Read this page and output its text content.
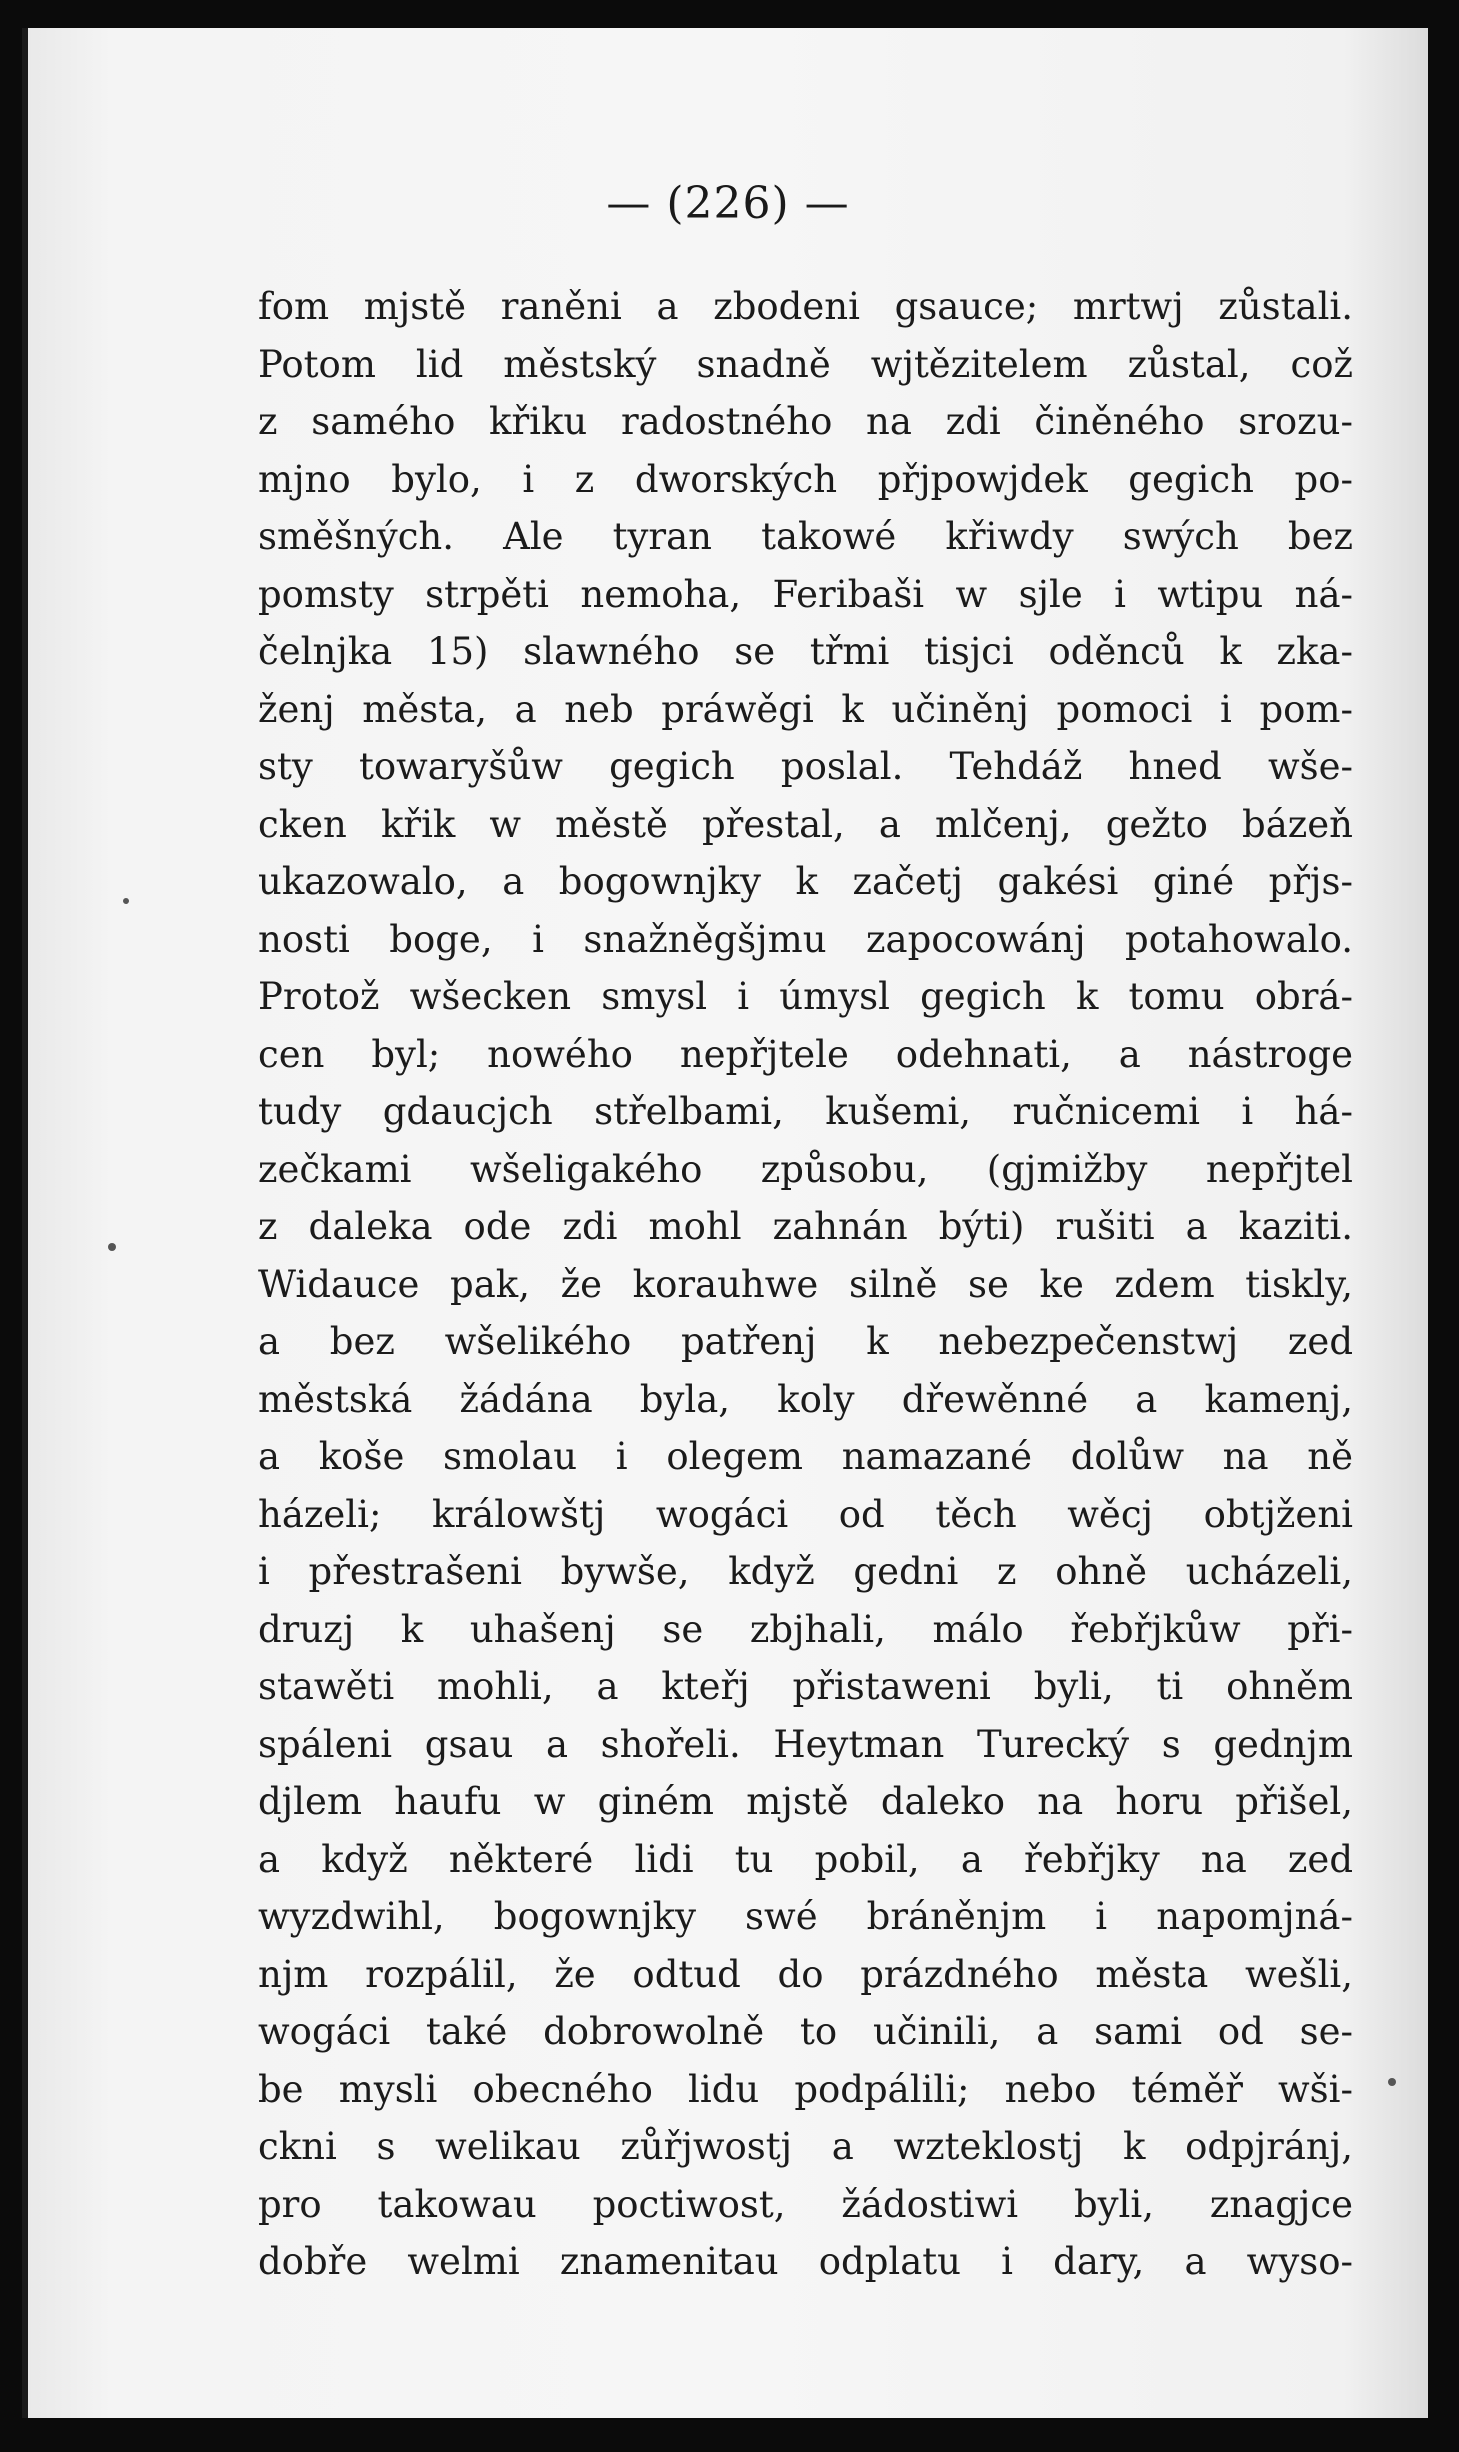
— (226) —
fom mjstě raněni a zbodeni gsauce; mrtwj zůstali.
Potom lid městský snadně wjtězitelem zůstal, což
z samého křiku radostného na zdi činěného srozu-
mjno bylo, i z dworských přjpowjdek gegich po-
směšných. Ale tyran takowé křiwdy swých bez
pomsty strpěti nemoha, Feribaši w sjle i wtipu ná-
čelnjka 15) slawného se třmi tisjci oděnců k zka-
ženj města, a neb práwěgi k učiněnj pomoci i pom-
sty towaryšůw gegich poslal. Tehdáž hned wše-
cken křik w městě přestal, a mlčenj, gežto bázeň
ukazowalo, a bogownjky k začetj gakési giné přjs-
nosti boge, i snažněgšjmu zapocowánj potahowalo.
Protož wšecken smysl i úmysl gegich k tomu obrá-
cen byl; nowého nepřjtele odehnati, a nástroge
tudy gdaucjch střelbami, kušemi, ručnicemi i há-
zečkami wšeligakého způsobu, (gjmižby nepřjtel
z daleka ode zdi mohl zahnán býti) rušiti a kaziti.
Widauce pak, že korauhwe silně se ke zdem tiskly,
a bez wšelikého patřenj k nebezpečenstwj zed
městská žádána byla, koly dřewěnné a kamenj,
a koše smolau i olegem namazané dolůw na ně
házeli; králowštj wogáci od těch wěcj obtjženi
i přestrašeni bywše, když gedni z ohně ucházeli,
druzj k uhašenj se zbjhali, málo řebřjkůw při-
stawěti mohli, a kteřj přistaweni byli, ti ohněm
spáleni gsau a shořeli. Heytman Turecký s gednjm
djlem haufu w giném mjstě daleko na horu přišel,
a když některé lidi tu pobil, a řebřjky na zed
wyzdwihl, bogownjky swé bráněnjm i napomjná-
njm rozpálil, že odtud do prázdného města wešli,
wogáci také dobrowolně to učinili, a sami od se-
be mysli obecného lidu podpálili; nebo téměř wši-
ckni s welikau zůřjwostj a wzteklostj k odpjránj,
pro takowau poctiwost, žádostiwi byli, znagjce
dobře welmi znamenitau odplatu i dary, a wyso-
